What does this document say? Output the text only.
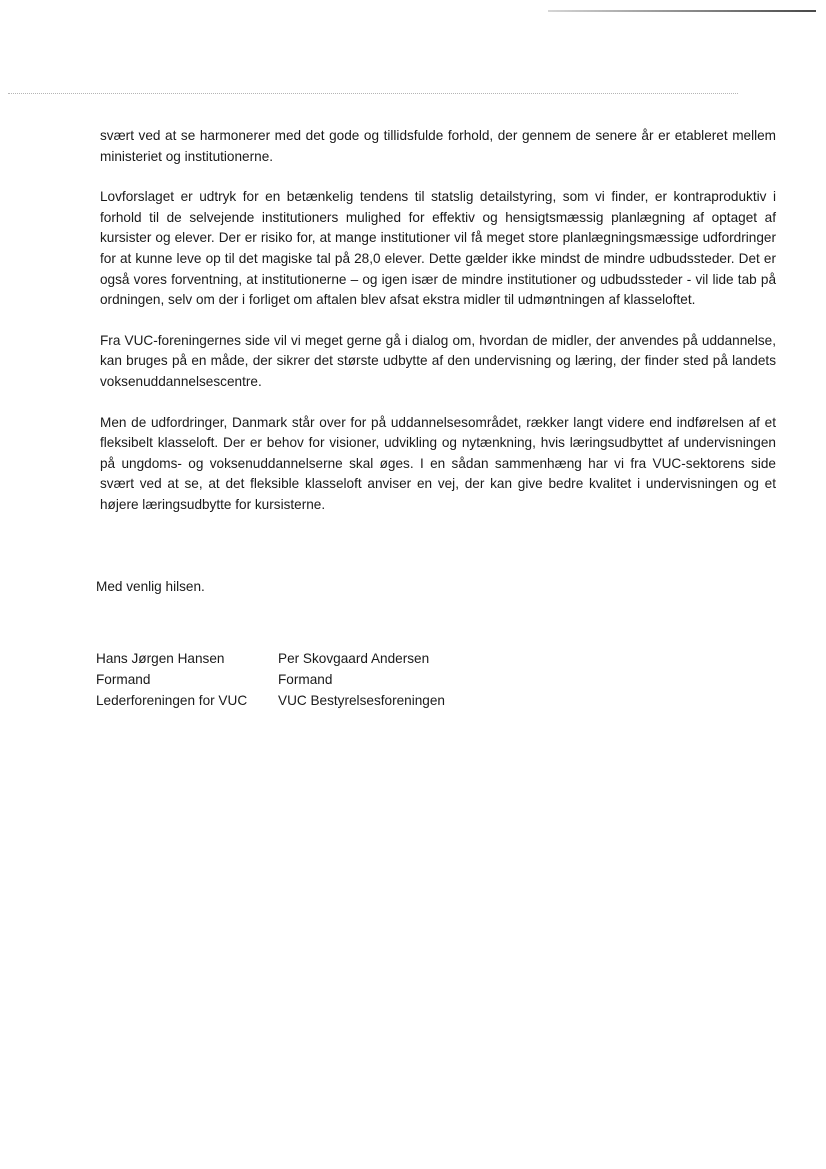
svært ved at se harmonerer med det gode og tillidsfulde forhold, der gennem de senere år er etableret mellem ministeriet og institutionerne.

Lovforslaget er udtryk for en betænkelig tendens til statslig detailstyring, som vi finder, er kontraproduktiv i forhold til de selvejende institutioners mulighed for effektiv og hensigtsmæssig planlægning af optaget af kursister og elever. Der er risiko for, at mange institutioner vil få meget store planlægningsmæssige udfordringer for at kunne leve op til det magiske tal på 28,0 elever. Dette gælder ikke mindst de mindre udbudssteder. Det er også vores forventning, at institutionerne – og igen især de mindre institutioner og udbudssteder - vil lide tab på ordningen, selv om der i forliget om aftalen blev afsat ekstra midler til udmøntningen af klasseloftet.

Fra VUC-foreningernes side vil vi meget gerne gå i dialog om, hvordan de midler, der anvendes på uddannelse, kan bruges på en måde, der sikrer det største udbytte af den undervisning og læring, der finder sted på landets voksenuddannelsescentre.

Men de udfordringer, Danmark står over for på uddannelsesområdet, rækker langt videre end indførelsen af et fleksibelt klasseloft. Der er behov for visioner, udvikling og nytænkning, hvis læringsudbyttet af undervisningen på ungdoms- og voksenuddannelserne skal øges. I en sådan sammenhæng har vi fra VUC-sektorens side svært ved at se, at det fleksible klasseloft anviser en vej, der kan give bedre kvalitet i undervisningen og et højere læringsudbytte for kursisterne.

Med venlig hilsen.

Hans Jørgen Hansen
Formand
Lederforeningen for VUC
Per Skovgaard Andersen
Formand
VUC Bestyrelsesforeningen
